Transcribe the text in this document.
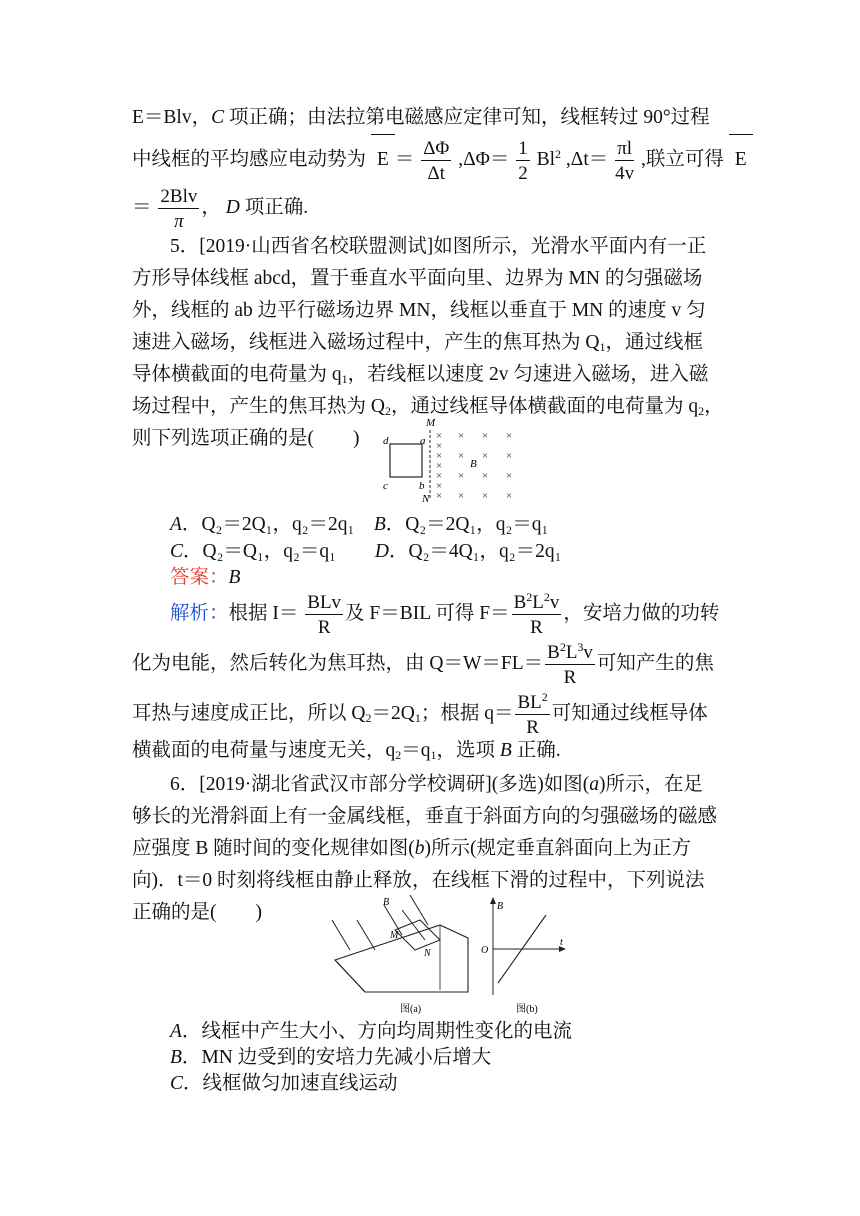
E＝Blv，C 项正确；由法拉第电磁感应定律可知，线框转过 90°过程
中线框的平均感应电动势为 $E = \frac{\Delta\Phi}{\Delta t} ,\Delta\Phi= \frac{1}{2} Bl^2$ $,\Delta t= \frac{\pi l}{4v}$ ,联立可得 E
＝ $\frac{\text{2Blv}}{\pi}$ ， D 项正确.
5．[2019·山西省名校联盟测试]如图所示，光滑水平面内有一正
方形导体线框 abcd，置于垂直水平面向里、边界为 MN 的匀强磁场
外，线框的 ab 边平行磁场边界 MN，线框以垂直于 MN 的速度 v 匀
速进入磁场，线框进入磁场过程中，产生的焦耳热为 $Q_1$，通过线框
导体横截面的电荷量为 $q_1$，若线框以速度 2v 匀速进入磁场，进入磁
场过程中，产生的焦耳热为 $Q_2$，通过线框导体横截面的电荷量为 $q_2$，
则下列选项正确的是(　　)
M
d	a
c	b
N
B
× × × ×
× × × ×
× × × ×
× × × ×
×
×
×
A．Q₂＝2Q₁，q₂＝2q₁　 B．Q₂＝2Q₁，q₂＝q₁
C．Q₂＝Q₁，q₂＝q₁　　 D．Q₂＝4Q₁，q₂＝2q₁
答案：B
解析：根据 $I= \frac{\text{BLv}}{R}$ 及 F＝BIL 可得 $F= \frac{B^2L^2v}{R}$ ，安培力做的功转
化为电能，然后转化为焦耳热，由 $Q=W=FL= \frac{B^2L^3v}{R}$ 可知产生的焦
耳热与速度成正比，所以 $Q_2=2Q_1$；根据 $q= \frac{BL^2}{R}$ 可知通过线框导体
横截面的电荷量与速度无关，$q_2=q_1$，选项 B 正确.
6．[2019·湖北省武汉市部分学校调研](多选)如图(a)所示，在足
够长的光滑斜面上有一金属线框，垂直于斜面方向的匀强磁场的磁感
应强度 B 随时间的变化规律如图(b)所示(规定垂直斜面向上为正方
向)．t＝0 时刻将线框由静止释放，在线框下滑的过程中，下列说法
正确的是(　　)	B
M
N
图(a)
B
t
O
图(b)
A．线框中产生大小、方向均周期性变化的电流
B．MN 边受到的安培力先减小后增大
C．线框做匀加速直线运动
